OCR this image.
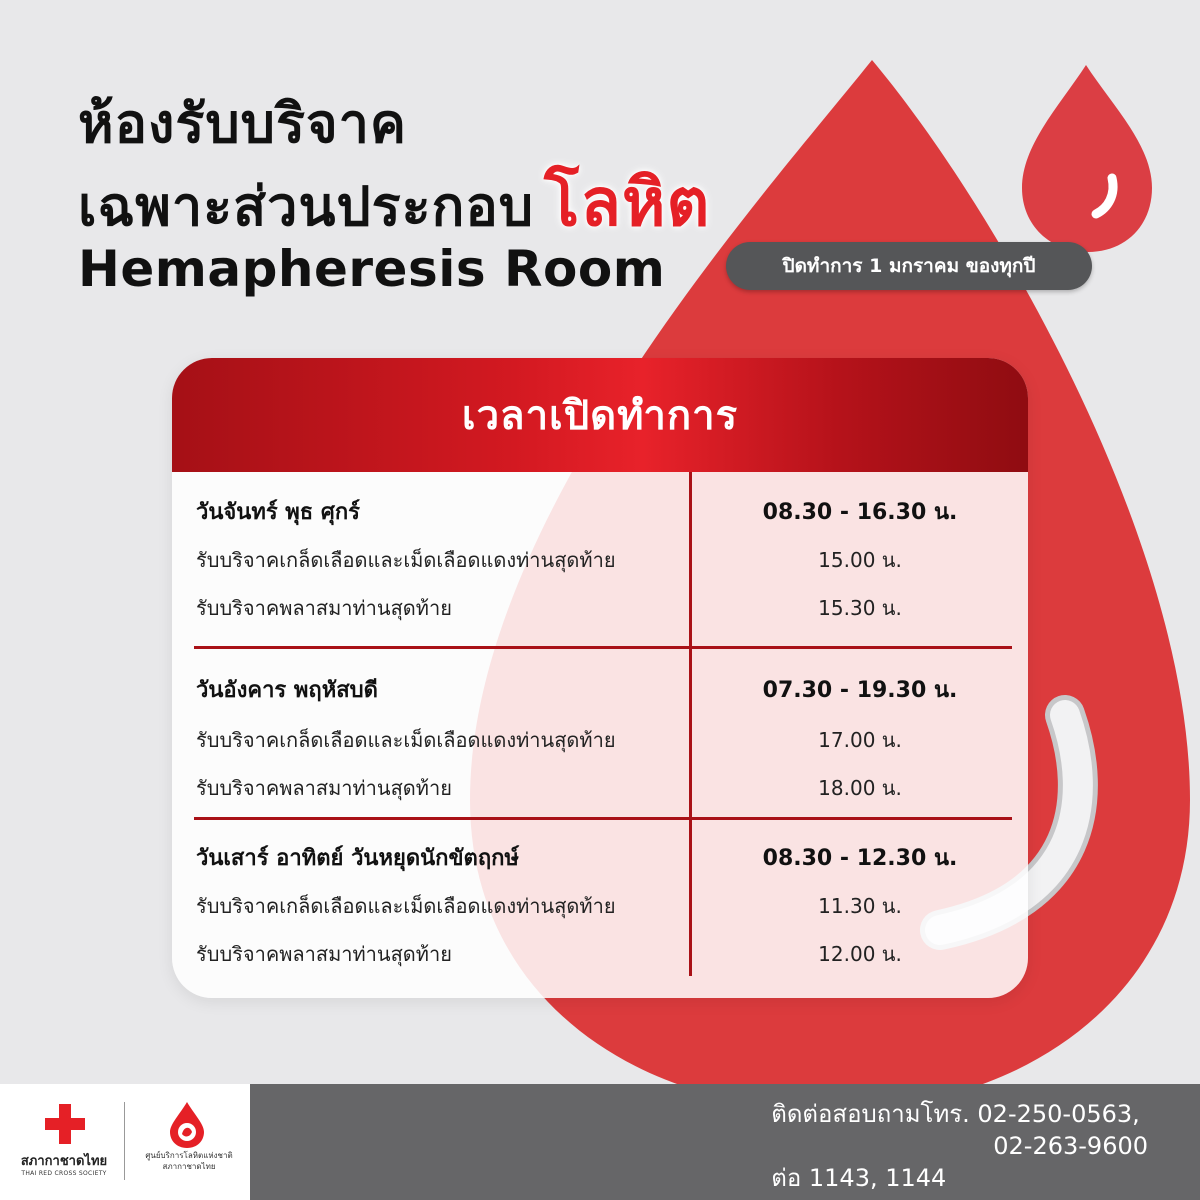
ห้องรับบริจาค
เฉพาะส่วนประกอบ โลหิต
Hemapheresis Room	ปิดทำการ 1 มกราคม ของทุกปี
เวลาเปิดทำการ
วันจันทร์ พุธ ศุกร์	08.30 - 16.30 น.
รับบริจาคเกล็ดเลือดและเม็ดเลือดแดงท่านสุดท้าย	15.00 น.
รับบริจาคพลาสมาท่านสุดท้าย	15.30 น.
วันอังคาร พฤหัสบดี	07.30 - 19.30 น.
รับบริจาคเกล็ดเลือดและเม็ดเลือดแดงท่านสุดท้าย	17.00 น.
รับบริจาคพลาสมาท่านสุดท้าย	18.00 น.
วันเสาร์ อาทิตย์ วันหยุดนักขัตฤกษ์	08.30 - 12.30 น.
รับบริจาคเกล็ดเลือดและเม็ดเลือดแดงท่านสุดท้าย	11.30 น.
รับบริจาคพลาสมาท่านสุดท้าย	12.00 น.
สภากาชาดไทย
THAI RED CROSS SOCIETY
ศูนย์บริการโลหิตแห่งชาติ
สภากาชาดไทย
ติดต่อสอบถามโทร. 02-250-0563,
02-263-9600
ต่อ 1143, 1144
